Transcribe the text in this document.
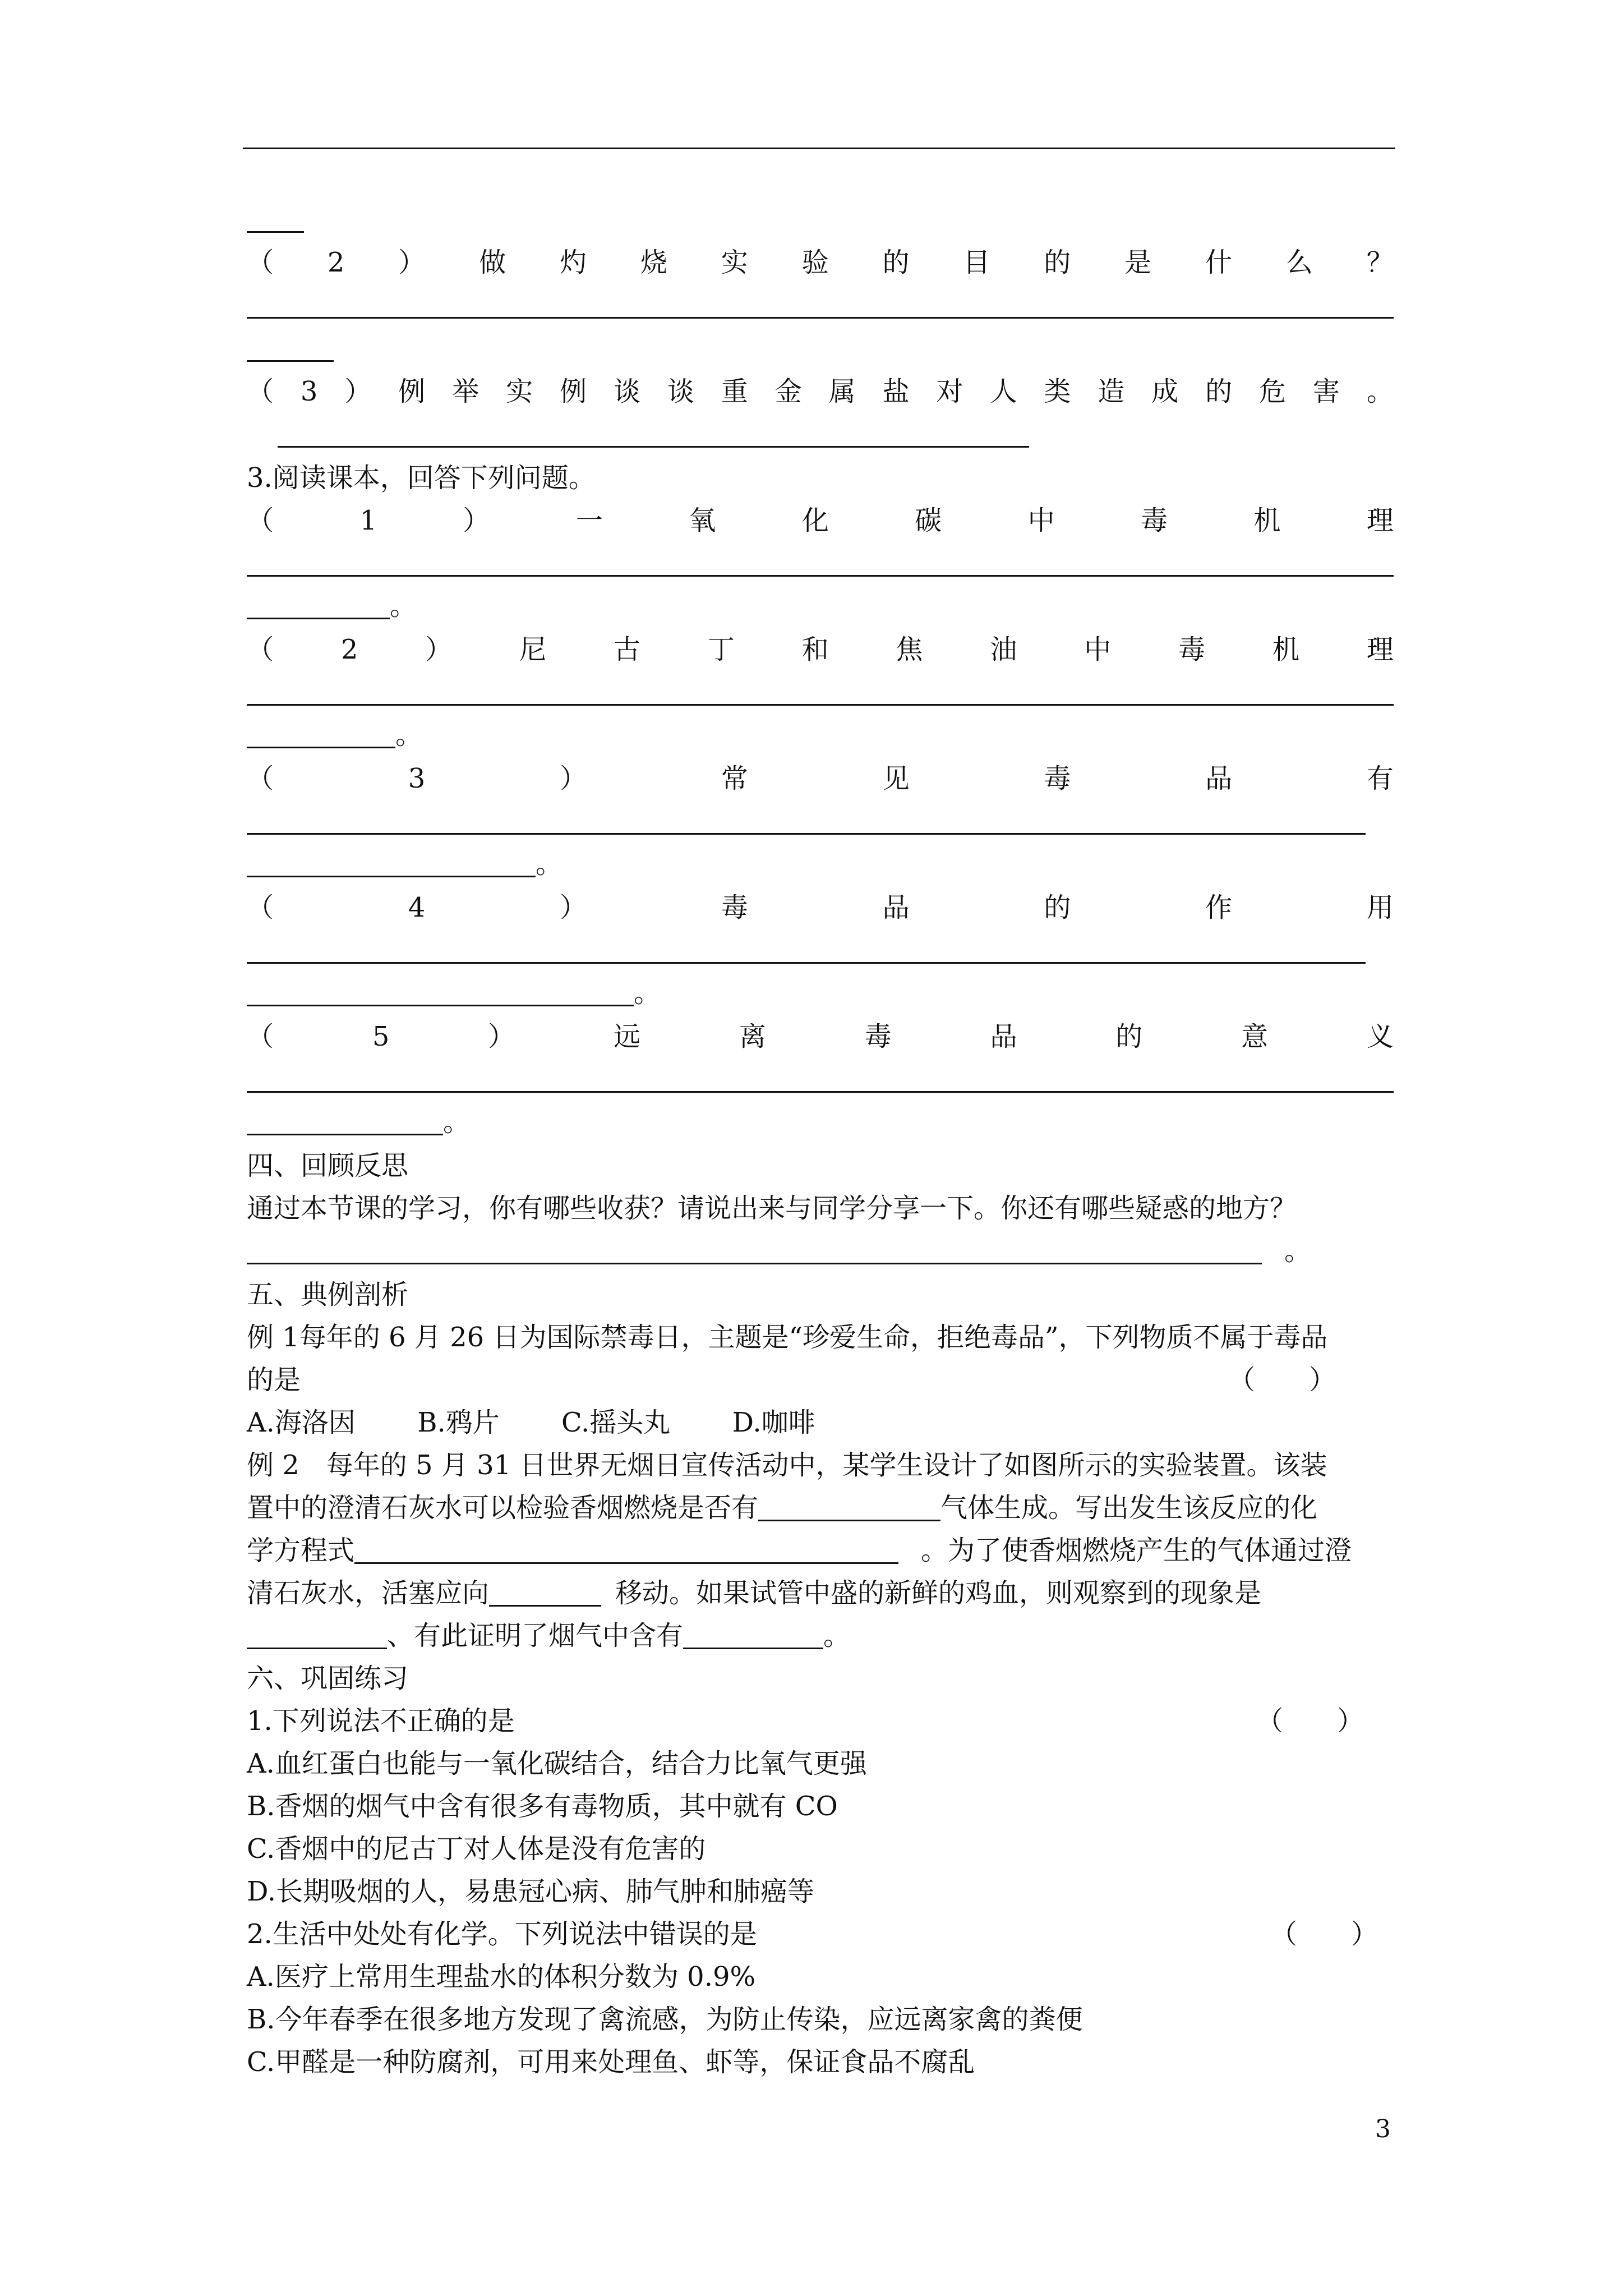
（ 2 ） 做 灼 烧 实 验 的 目 的 是 什 么 ？
（ 3 ） 例 举 实 例 谈 谈 重 金 属 盐 对 人 类 造 成 的 危 害 。
3.阅读课本，回答下列问题。
（	1	）	一	氧	化	碳	中	毒	机	理
。
（ 2 ） 尼 古 丁 和 焦 油 中 毒 机 理
。
（	3	）	常	见	毒	品	有
。
（	4	）	毒	品	的	作	用
。
（	5	）	远	离	毒	品	的	意	义
。
四、回顾反思
通过本节课的学习，你有哪些收获？请说出来与同学分享一下。你还有哪些疑惑的地方？
。
五、典例剖析
例 1每年的 6 月 26 日为国际禁毒日，主题是“珍爱生命，拒绝毒品”，下列物质不属于毒品
的是	（　　）
A.海洛因 B.鸦片 C.摇头丸 D.咖啡
例 2　每年的 5 月 31 日世界无烟日宣传活动中，某学生设计了如图所示的实验装置。该装
置中的澄清石灰水可以检验香烟燃烧是否有	气体生成。写出发生该反应的化
学方程式	。为了使香烟燃烧产生的气体通过澄
清石灰水，活塞应向	移动。如果试管中盛的新鲜的鸡血，则观察到的现象是
、有此证明了烟气中含有	。
六、巩固练习
1.下列说法不正确的是	（　　）
A.血红蛋白也能与一氧化碳结合，结合力比氧气更强
B.香烟的烟气中含有很多有毒物质，其中就有 CO
C.香烟中的尼古丁对人体是没有危害的
D.长期吸烟的人，易患冠心病、肺气肿和肺癌等
2.生活中处处有化学。下列说法中错误的是	（　　）
A.医疗上常用生理盐水的体积分数为 0.9%
B.今年春季在很多地方发现了禽流感，为防止传染，应远离家禽的粪便
C.甲醛是一种防腐剂，可用来处理鱼、虾等，保证食品不腐乱
3
